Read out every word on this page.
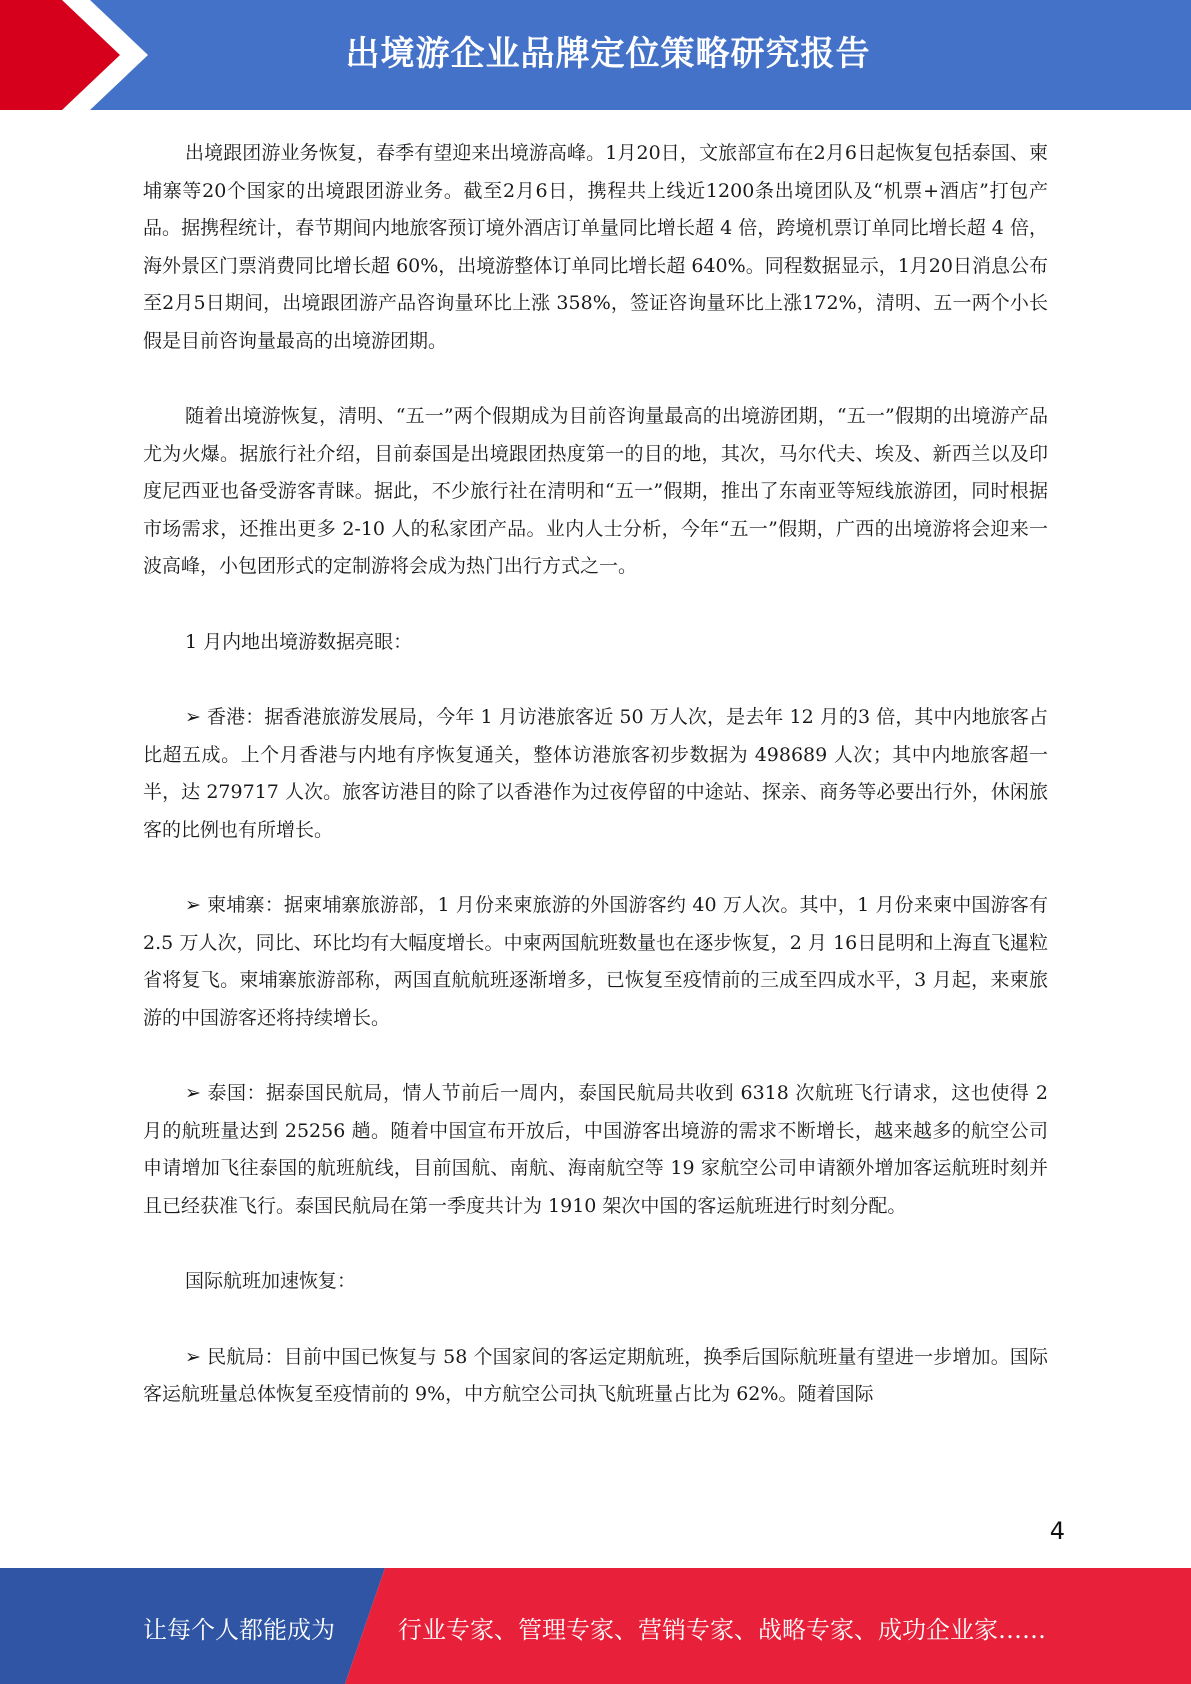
出境游企业品牌定位策略研究报告

出境跟团游业务恢复，春季有望迎来出境游高峰。1月20日，文旅部宣布在2月6日起恢复包括泰国、柬埔寨等20个国家的出境跟团游业务。截至2月6日，携程共上线近1200条出境团队及“机票+酒店”打包产品。据携程统计，春节期间内地旅客预订境外酒店订单量同比增长超 4 倍，跨境机票订单同比增长超 4 倍，海外景区门票消费同比增长超 60%，出境游整体订单同比增长超 640%。同程数据显示，1月20日消息公布至2月5日期间，出境跟团游产品咨询量环比上涨 358%，签证咨询量环比上涨172%，清明、五一两个小长假是目前咨询量最高的出境游团期。

随着出境游恢复，清明、“五一”两个假期成为目前咨询量最高的出境游团期，“五一”假期的出境游产品尤为火爆。据旅行社介绍，目前泰国是出境跟团热度第一的目的地，其次，马尔代夫、埃及、新西兰以及印度尼西亚也备受游客青睐。据此，不少旅行社在清明和“五一”假期，推出了东南亚等短线旅游团，同时根据市场需求，还推出更多 2-10 人的私家团产品。业内人士分析，今年“五一”假期，广西的出境游将会迎来一波高峰，小包团形式的定制游将会成为热门出行方式之一。

1 月内地出境游数据亮眼：

➢ 香港：据香港旅游发展局，今年 1 月访港旅客近 50 万人次，是去年 12 月的3 倍，其中内地旅客占比超五成。上个月香港与内地有序恢复通关，整体访港旅客初步数据为 498689 人次；其中内地旅客超一半，达 279717 人次。旅客访港目的除了以香港作为过夜停留的中途站、探亲、商务等必要出行外，休闲旅客的比例也有所增长。

➢ 柬埔寨：据柬埔寨旅游部，1 月份来柬旅游的外国游客约 40 万人次。其中，1 月份来柬中国游客有 2.5 万人次，同比、环比均有大幅度增长。中柬两国航班数量也在逐步恢复，2 月 16日昆明和上海直飞暹粒省将复飞。柬埔寨旅游部称，两国直航航班逐渐增多，已恢复至疫情前的三成至四成水平，3 月起，来柬旅游的中国游客还将持续增长。

➢ 泰国：据泰国民航局，情人节前后一周内，泰国民航局共收到 6318 次航班飞行请求，这也使得 2 月的航班量达到 25256 趟。随着中国宣布开放后，中国游客出境游的需求不断增长，越来越多的航空公司申请增加飞往泰国的航班航线，目前国航、南航、海南航空等 19 家航空公司申请额外增加客运航班时刻并且已经获准飞行。泰国民航局在第一季度共计为 1910 架次中国的客运航班进行时刻分配。

国际航班加速恢复：

➢ 民航局：目前中国已恢复与 58 个国家间的客运定期航班，换季后国际航班量有望进一步增加。国际客运航班量总体恢复至疫情前的 9%，中方航空公司执飞航班量占比为 62%。随着国际

4
让每个人都能成为	行业专家、管理专家、营销专家、战略专家、成功企业家……
